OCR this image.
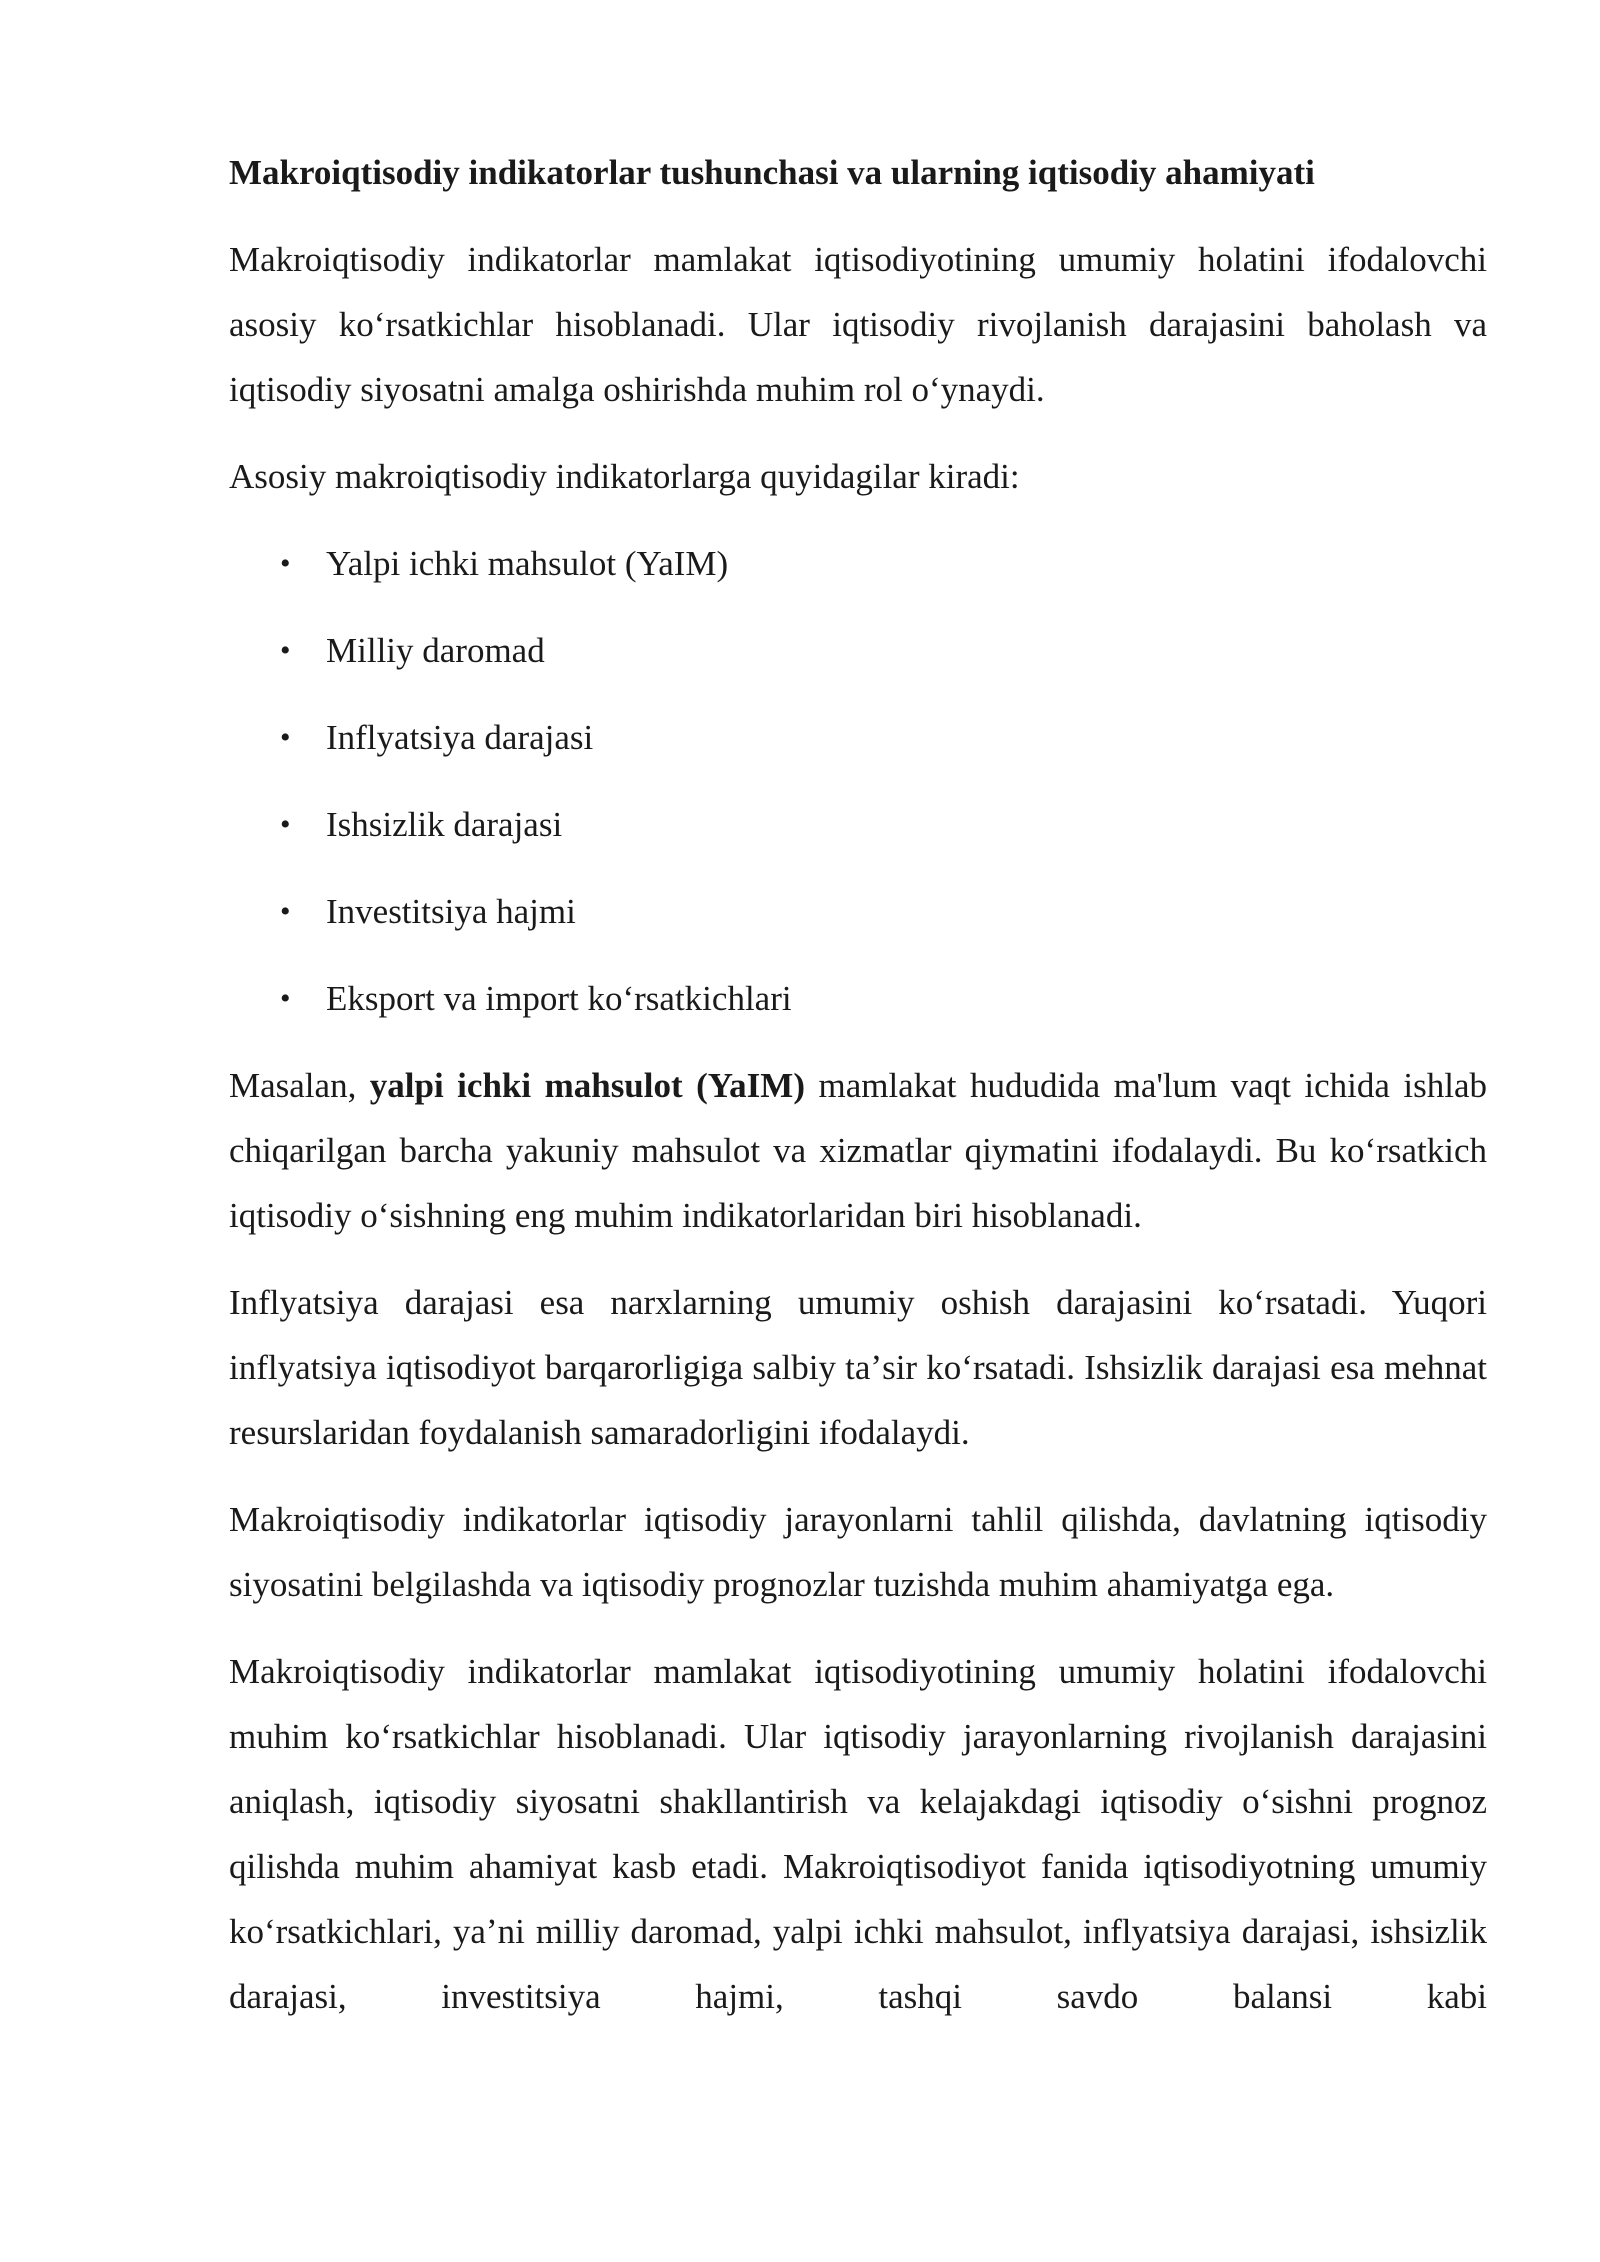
Makroiqtisodiy indikatorlar tushunchasi va ularning iqtisodiy ahamiyati

Makroiqtisodiy indikatorlar mamlakat iqtisodiyotining umumiy holatini ifodalovchi asosiy koʻrsatkichlar hisoblanadi. Ular iqtisodiy rivojlanish darajasini baholash va iqtisodiy siyosatni amalga oshirishda muhim rol oʻynaydi.

Asosiy makroiqtisodiy indikatorlarga quyidagilar kiradi:

• Yalpi ichki mahsulot (YaIM)
• Milliy daromad
• Inflyatsiya darajasi
• Ishsizlik darajasi
• Investitsiya hajmi
• Eksport va import koʻrsatkichlari

Masalan, yalpi ichki mahsulot (YaIM) mamlakat hududida ma'lum vaqt ichida ishlab chiqarilgan barcha yakuniy mahsulot va xizmatlar qiymatini ifodalaydi. Bu koʻrsatkich iqtisodiy oʻsishning eng muhim indikatorlaridan biri hisoblanadi.

Inflyatsiya darajasi esa narxlarning umumiy oshish darajasini koʻrsatadi. Yuqori inflyatsiya iqtisodiyot barqarorligiga salbiy taʼsir koʻrsatadi. Ishsizlik darajasi esa mehnat resurslaridan foydalanish samaradorligini ifodalaydi.

Makroiqtisodiy indikatorlar iqtisodiy jarayonlarni tahlil qilishda, davlatning iqtisodiy siyosatini belgilashda va iqtisodiy prognozlar tuzishda muhim ahamiyatga ega.

Makroiqtisodiy indikatorlar mamlakat iqtisodiyotining umumiy holatini ifodalovchi muhim koʻrsatkichlar hisoblanadi. Ular iqtisodiy jarayonlarning rivojlanish darajasini aniqlash, iqtisodiy siyosatni shakllantirish va kelajakdagi iqtisodiy oʻsishni prognoz qilishda muhim ahamiyat kasb etadi. Makroiqtisodiyot fanida iqtisodiyotning umumiy koʻrsatkichlari, yaʼni milliy daromad, yalpi ichki mahsulot, inflyatsiya darajasi, ishsizlik darajasi, investitsiya hajmi, tashqi savdo balansi kabi
